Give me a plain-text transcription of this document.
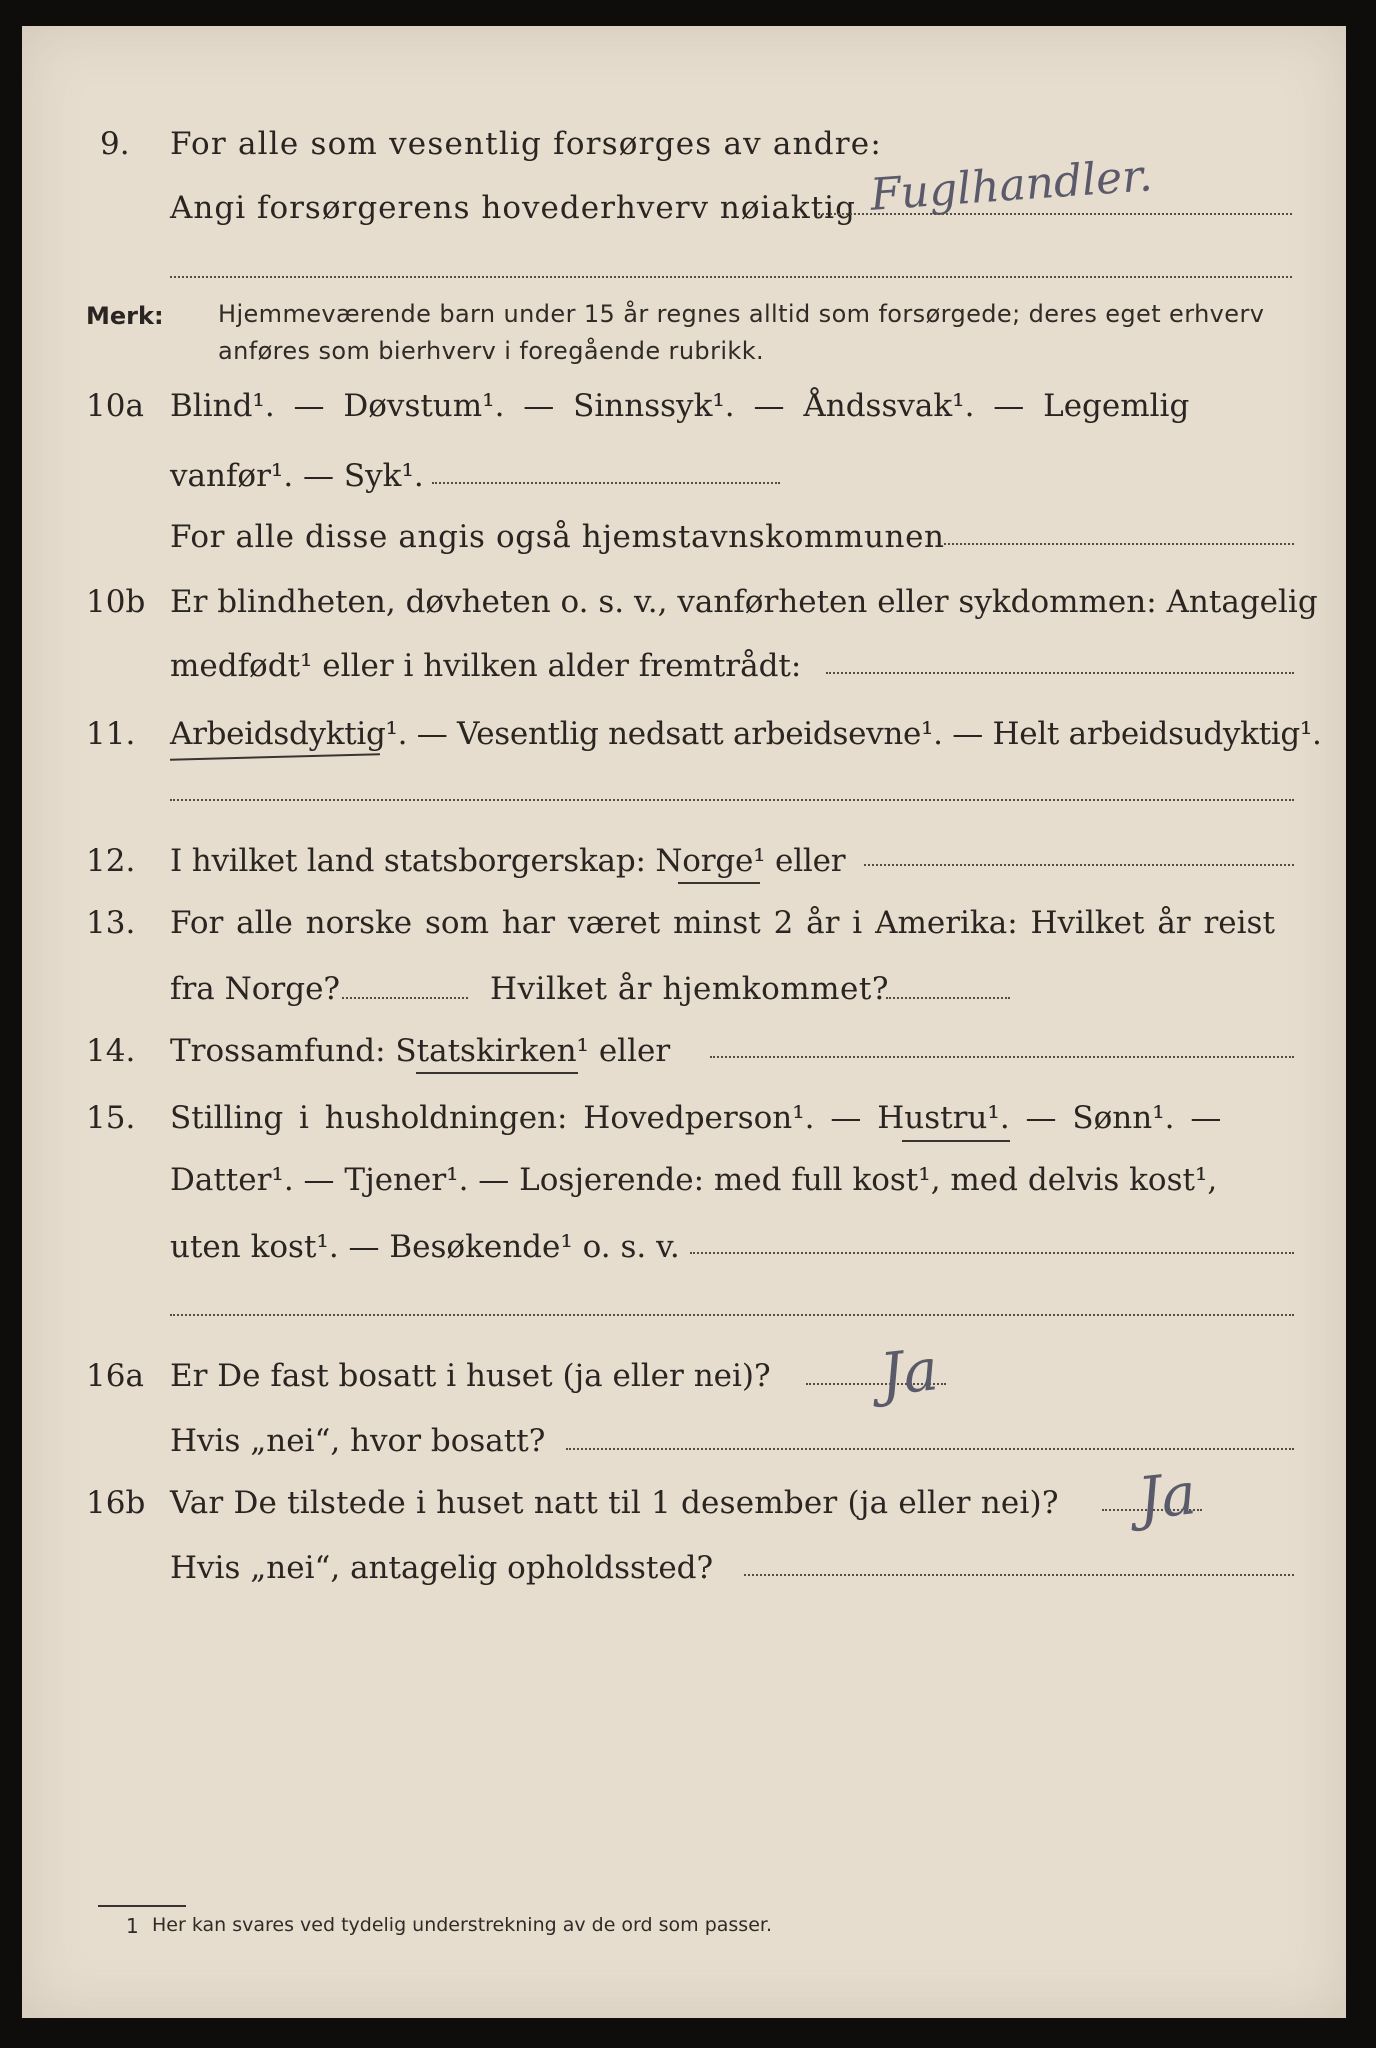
9. For alle som vesentlig forsørges av andre:
Fuglhandler.
Angi forsørgerens hovederhverv nøiaktig
Merk: Hjemmeværende barn under 15 år regnes alltid som forsørgede; deres eget erhverv
anføres som bierhverv i foregående rubrikk.
10a Blind¹. — Døvstum¹. — Sinnssyk¹. — Åndssvak¹. — Legemlig
vanfør¹. — Syk¹.
For alle disse angis også hjemstavnskommunen
10b Er blindheten, døvheten o. s. v., vanførheten eller sykdommen: Antagelig
medfødt¹ eller i hvilken alder fremtrådt:
11. Arbeidsdyktig¹. — Vesentlig nedsatt arbeidsevne¹. — Helt arbeidsudyktig¹.
12. I hvilket land statsborgerskap: Norge¹ eller
13. For alle norske som har været minst 2 år i Amerika: Hvilket år reist
fra Norge?	Hvilket år hjemkommet?
14. Trossamfund: Statskirken¹ eller
15. Stilling i husholdningen: Hovedperson¹. — Hustru¹. — Sønn¹. —
Datter¹. — Tjener¹. — Losjerende: med full kost¹, med delvis kost¹,
uten kost¹. — Besøkende¹ o. s. v.
16a Er De fast bosatt i huset (ja eller nei)? Ja
Hvis „nei“, hvor bosatt?
16b Var De tilstede i huset natt til 1 desember (ja eller nei)? Ja
Hvis „nei“, antagelig opholdssted?
1 Her kan svares ved tydelig understrekning av de ord som passer.
